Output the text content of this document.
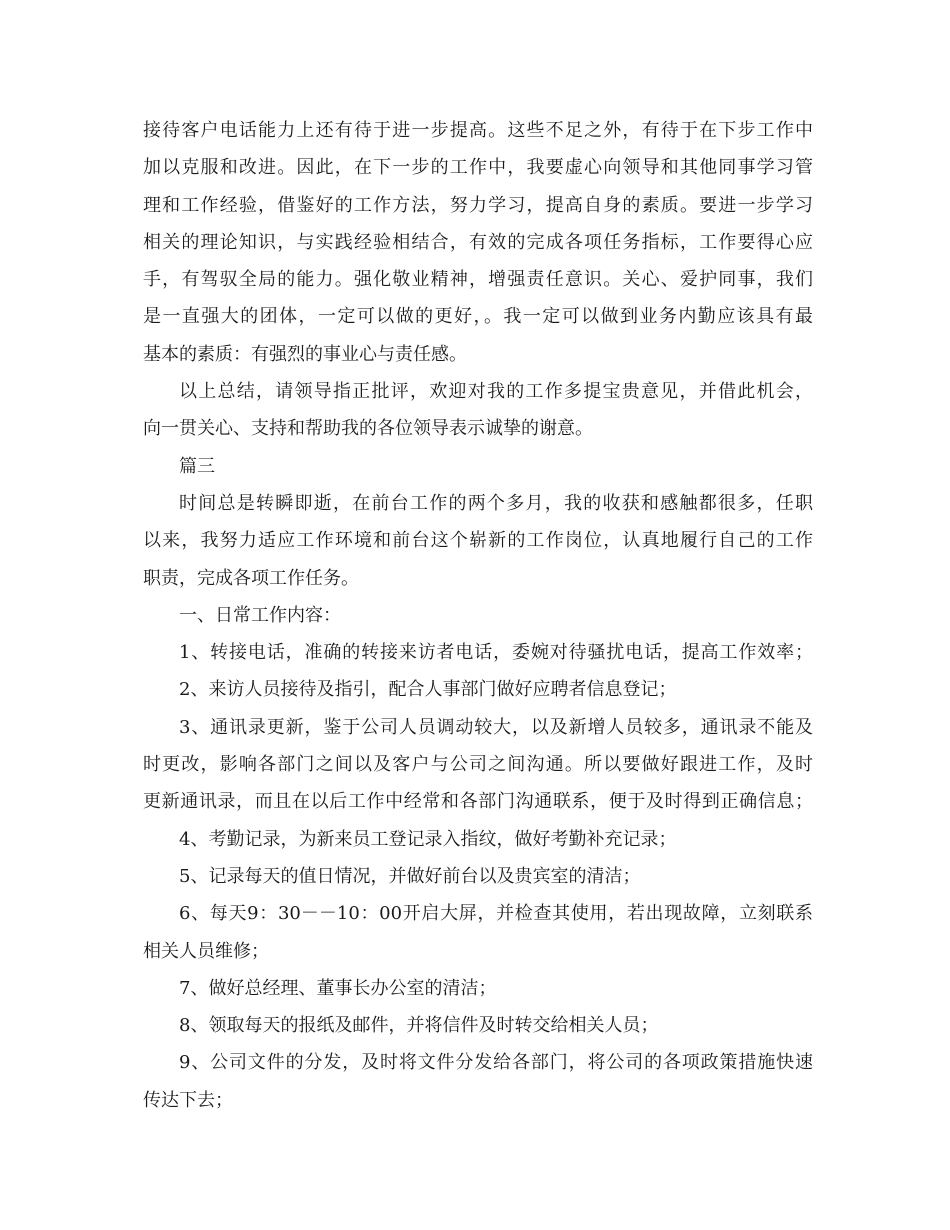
接待客户电话能力上还有待于进一步提高。这些不足之外，有待于在下步工作中
加以克服和改进。因此，在下一步的工作中，我要虚心向领导和其他同事学习管
理和工作经验，借鉴好的工作方法，努力学习，提高自身的素质。要进一步学习
相关的理论知识，与实践经验相结合，有效的完成各项任务指标，工作要得心应
手，有驾驭全局的能力。强化敬业精神，增强责任意识。关心、爱护同事，我们
是一直强大的团体，一定可以做的更好，。我一定可以做到业务内勤应该具有最
基本的素质：有强烈的事业心与责任感。
以上总结，请领导指正批评，欢迎对我的工作多提宝贵意见，并借此机会，
向一贯关心、支持和帮助我的各位领导表示诚挚的谢意。
篇三
时间总是转瞬即逝，在前台工作的两个多月，我的收获和感触都很多，任职
以来，我努力适应工作环境和前台这个崭新的工作岗位，认真地履行自己的工作
职责，完成各项工作任务。
一、日常工作内容：
1、转接电话，准确的转接来访者电话，委婉对待骚扰电话，提高工作效率；
2、来访人员接待及指引，配合人事部门做好应聘者信息登记；
3、通讯录更新，鉴于公司人员调动较大，以及新增人员较多，通讯录不能及
时更改，影响各部门之间以及客户与公司之间沟通。所以要做好跟进工作，及时
更新通讯录，而且在以后工作中经常和各部门沟通联系，便于及时得到正确信息；
4、考勤记录，为新来员工登记录入指纹，做好考勤补充记录；
5、记录每天的值日情况，并做好前台以及贵宾室的清洁；
6、每天9：30－－10：00开启大屏，并检查其使用，若出现故障，立刻联系
相关人员维修；
7、做好总经理、董事长办公室的清洁；
8、领取每天的报纸及邮件，并将信件及时转交给相关人员；
9、公司文件的分发，及时将文件分发给各部门，将公司的各项政策措施快速
传达下去；
